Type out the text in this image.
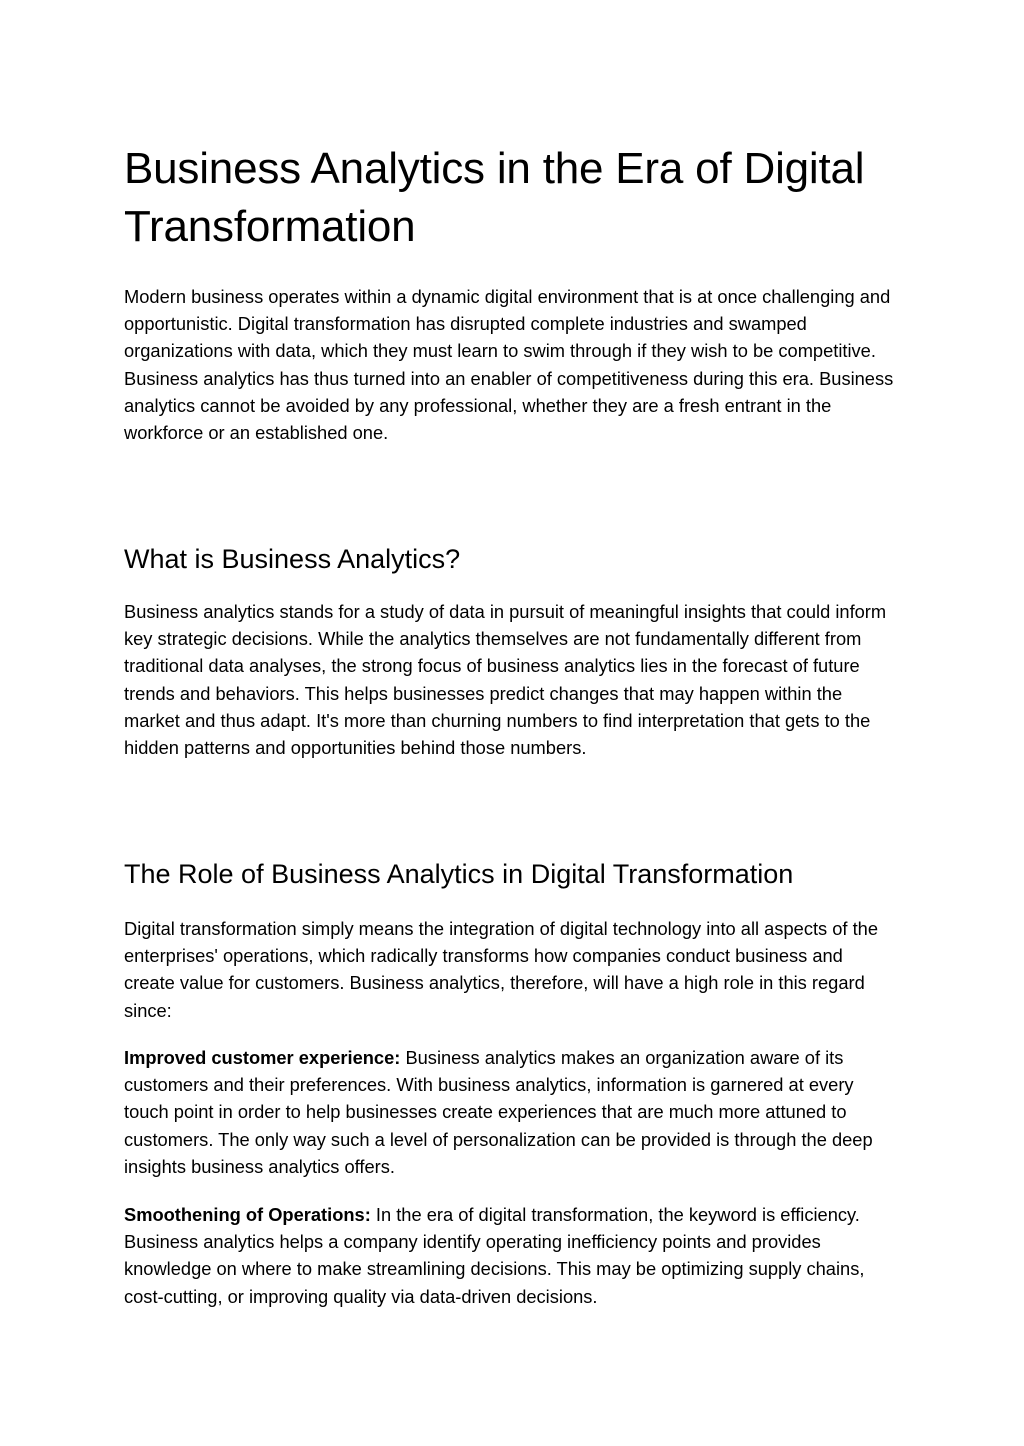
Business Analytics in the Era of Digital Transformation

Modern business operates within a dynamic digital environment that is at once challenging and opportunistic. Digital transformation has disrupted complete industries and swamped organizations with data, which they must learn to swim through if they wish to be competitive. Business analytics has thus turned into an enabler of competitiveness during this era. Business analytics cannot be avoided by any professional, whether they are a fresh entrant in the workforce or an established one.

What is Business Analytics?

Business analytics stands for a study of data in pursuit of meaningful insights that could inform key strategic decisions. While the analytics themselves are not fundamentally different from traditional data analyses, the strong focus of business analytics lies in the forecast of future trends and behaviors. This helps businesses predict changes that may happen within the market and thus adapt. It's more than churning numbers to find interpretation that gets to the hidden patterns and opportunities behind those numbers.

The Role of Business Analytics in Digital Transformation

Digital transformation simply means the integration of digital technology into all aspects of the enterprises' operations, which radically transforms how companies conduct business and create value for customers. Business analytics, therefore, will have a high role in this regard since:

Improved customer experience: Business analytics makes an organization aware of its customers and their preferences. With business analytics, information is garnered at every touch point in order to help businesses create experiences that are much more attuned to customers. The only way such a level of personalization can be provided is through the deep insights business analytics offers.

Smoothening of Operations: In the era of digital transformation, the keyword is efficiency. Business analytics helps a company identify operating inefficiency points and provides knowledge on where to make streamlining decisions. This may be optimizing supply chains, cost-cutting, or improving quality via data-driven decisions.
